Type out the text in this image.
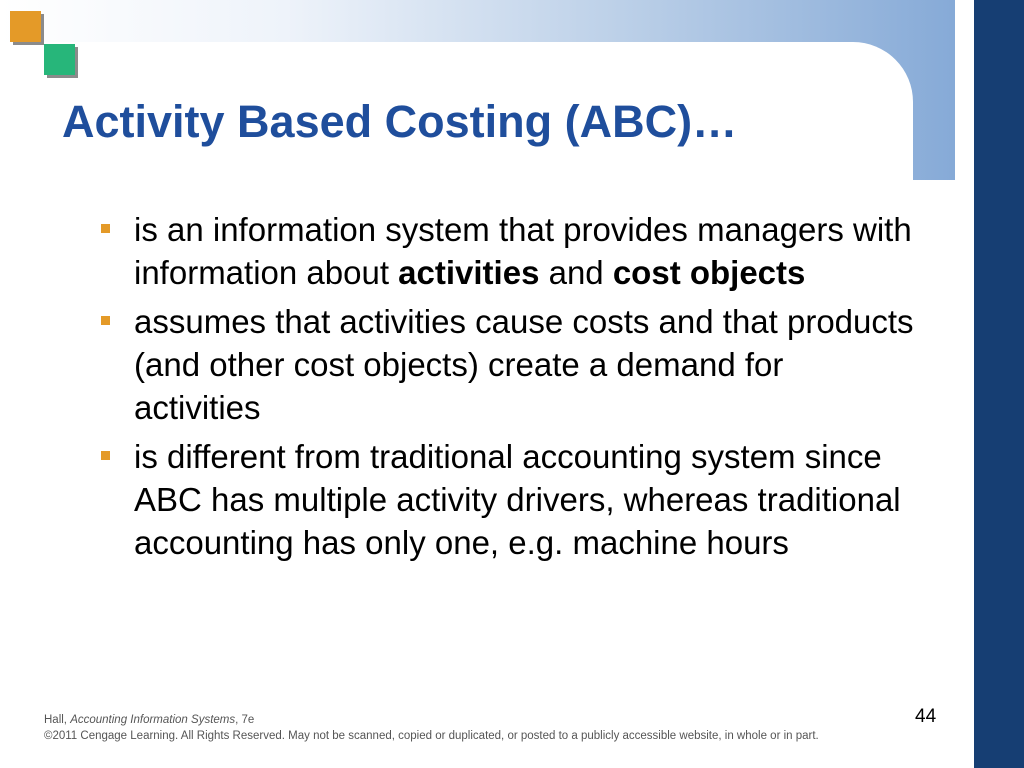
Activity Based Costing (ABC)…
is an information system that provides managers with information about activities and cost objects
assumes that activities cause costs and that products (and other cost objects) create a demand for activities
is different from traditional accounting system since ABC has multiple activity drivers, whereas traditional accounting has only one, e.g. machine hours
Hall, Accounting Information Systems, 7e
©2011 Cengage Learning. All Rights Reserved. May not be scanned, copied or duplicated, or posted to a publicly accessible website, in whole or in part.
44
